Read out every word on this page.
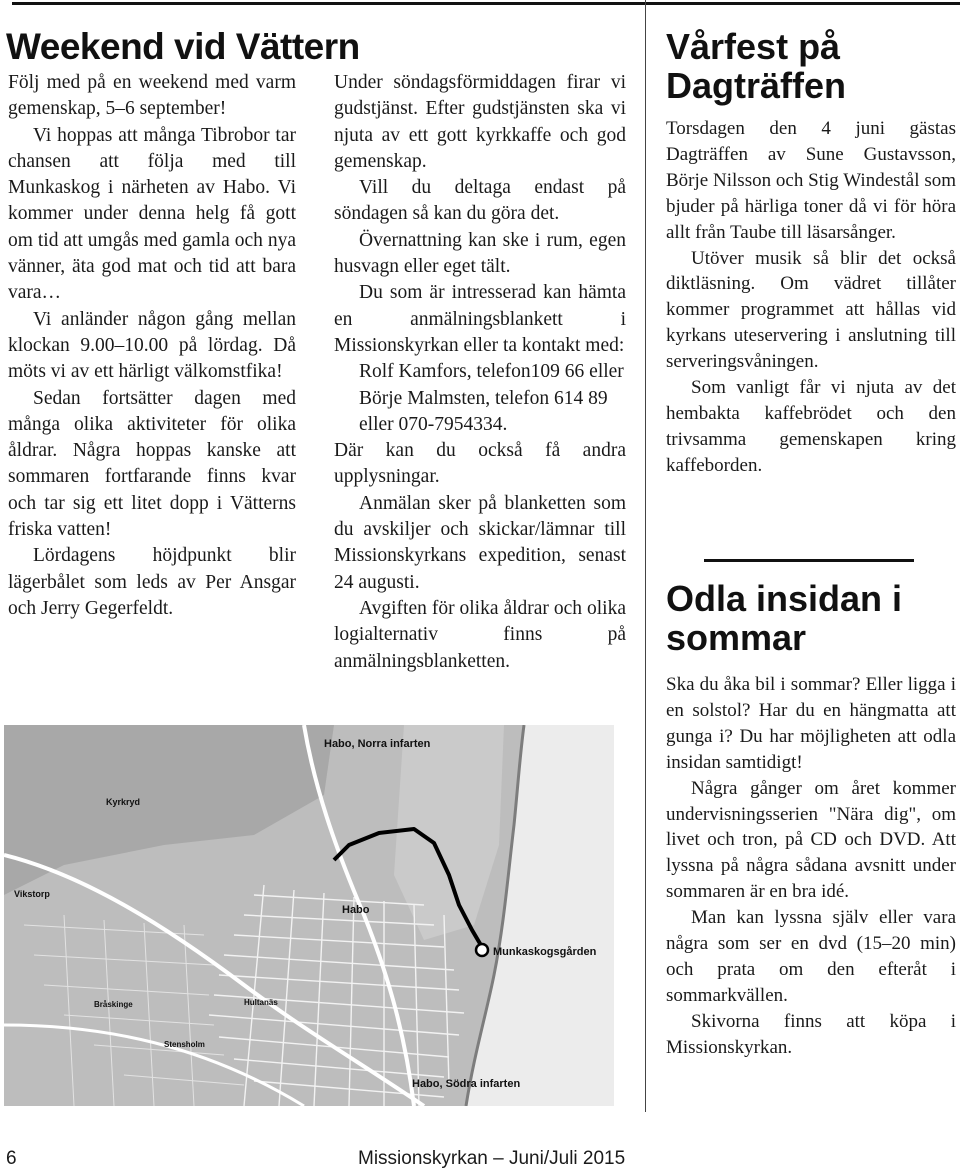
Weekend vid Vättern

Följ med på en weekend med varm gemenskap, 5–6 september!

Vi hoppas att många Tibrobor tar chansen att följa med till Munkaskog i närheten av Habo. Vi kommer under denna helg få gott om tid att umgås med gamla och nya vänner, äta god mat och tid att bara vara…

Vi anländer någon gång mellan klockan 9.00–10.00 på lördag. Då möts vi av ett härligt välkomstfika!

Sedan fortsätter dagen med många olika aktiviteter för olika åldrar. Några hoppas kanske att sommaren fortfarande finns kvar och tar sig ett litet dopp i Vätterns friska vatten!

Lördagens höjdpunkt blir lägerbålet som leds av Per Ansgar och Jerry Gegerfeldt.

Under söndagsförmiddagen firar vi gudstjänst. Efter gudstjänsten ska vi njuta av ett gott kyrkkaffe och god gemenskap.

Vill du deltaga endast på söndagen så kan du göra det.

Övernattning kan ske i rum, egen husvagn eller eget tält.

Du som är intresserad kan hämta en anmälningsblankett i Missionskyrkan eller ta kontakt med:

Rolf Kamfors, telefon109 66 eller Börje Malmsten, telefon 614 89 eller 070-7954334.

Där kan du också få andra upplysningar.

Anmälan sker på blanketten som du avskiljer och skickar/lämnar till Missionskyrkans expedition, senast 24 augusti.

Avgiften för olika åldrar och olika logialternativ finns på anmälningsblanketten.

Habo, Norra infarten
Habo
Munkaskogsgården
Habo, Södra infarten
Kyrkryd
Vikstorp
Stensholm
Hultanäs
Bråskinge
Vårfest på Dagträffen

Torsdagen den 4 juni gästas Dagträffen av Sune Gustavsson, Börje Nilsson och Stig Windestål som bjuder på härliga toner då vi för höra allt från Taube till läsarsånger.

Utöver musik så blir det också diktläsning. Om vädret tillåter kommer programmet att hållas vid kyrkans uteservering i anslutning till serveringsvåningen.

Som vanligt får vi njuta av det hembakta kaffebrödet och den trivsamma gemenskapen kring kaffeborden.

Odla insidan i sommar

Ska du åka bil i sommar? Eller ligga i en solstol? Har du en hängmatta att gunga i? Du har möjligheten att odla insidan samtidigt!

Några gånger om året kommer undervisningsserien "Nära dig", om livet och tron, på CD och DVD. Att lyssna på några sådana avsnitt under sommaren är en bra idé.

Man kan lyssna själv eller vara några som ser en dvd (15–20 min) och prata om den efteråt i sommarkvällen.

Skivorna finns att köpa i Missionskyrkan.

6	Missionskyrkan – Juni/Juli 2015
